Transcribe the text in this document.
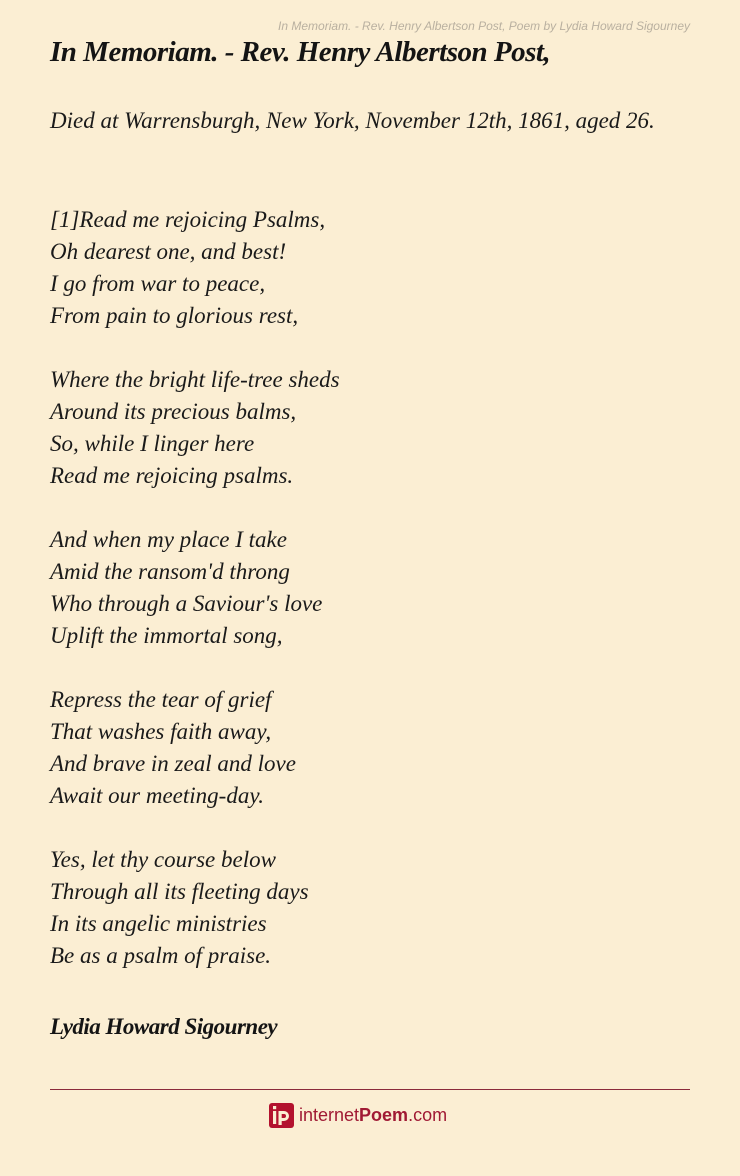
In Memoriam. - Rev. Henry Albertson Post, Poem by Lydia Howard Sigourney
In Memoriam. - Rev. Henry Albertson Post,
Died at Warrensburgh, New York, November 12th, 1861, aged 26.
[1]Read me rejoicing Psalms,
Oh dearest one, and best!
I go from war to peace,
From pain to glorious rest,
Where the bright life-tree sheds
Around its precious balms,
So, while I linger here
Read me rejoicing psalms.
And when my place I take
Amid the ransom'd throng
Who through a Saviour's love
Uplift the immortal song,
Repress the tear of grief
That washes faith away,
And brave in zeal and love
Await our meeting-day.
Yes, let thy course below
Through all its fleeting days
In its angelic ministries
Be as a psalm of praise.
Lydia Howard Sigourney
internetPoem.com
